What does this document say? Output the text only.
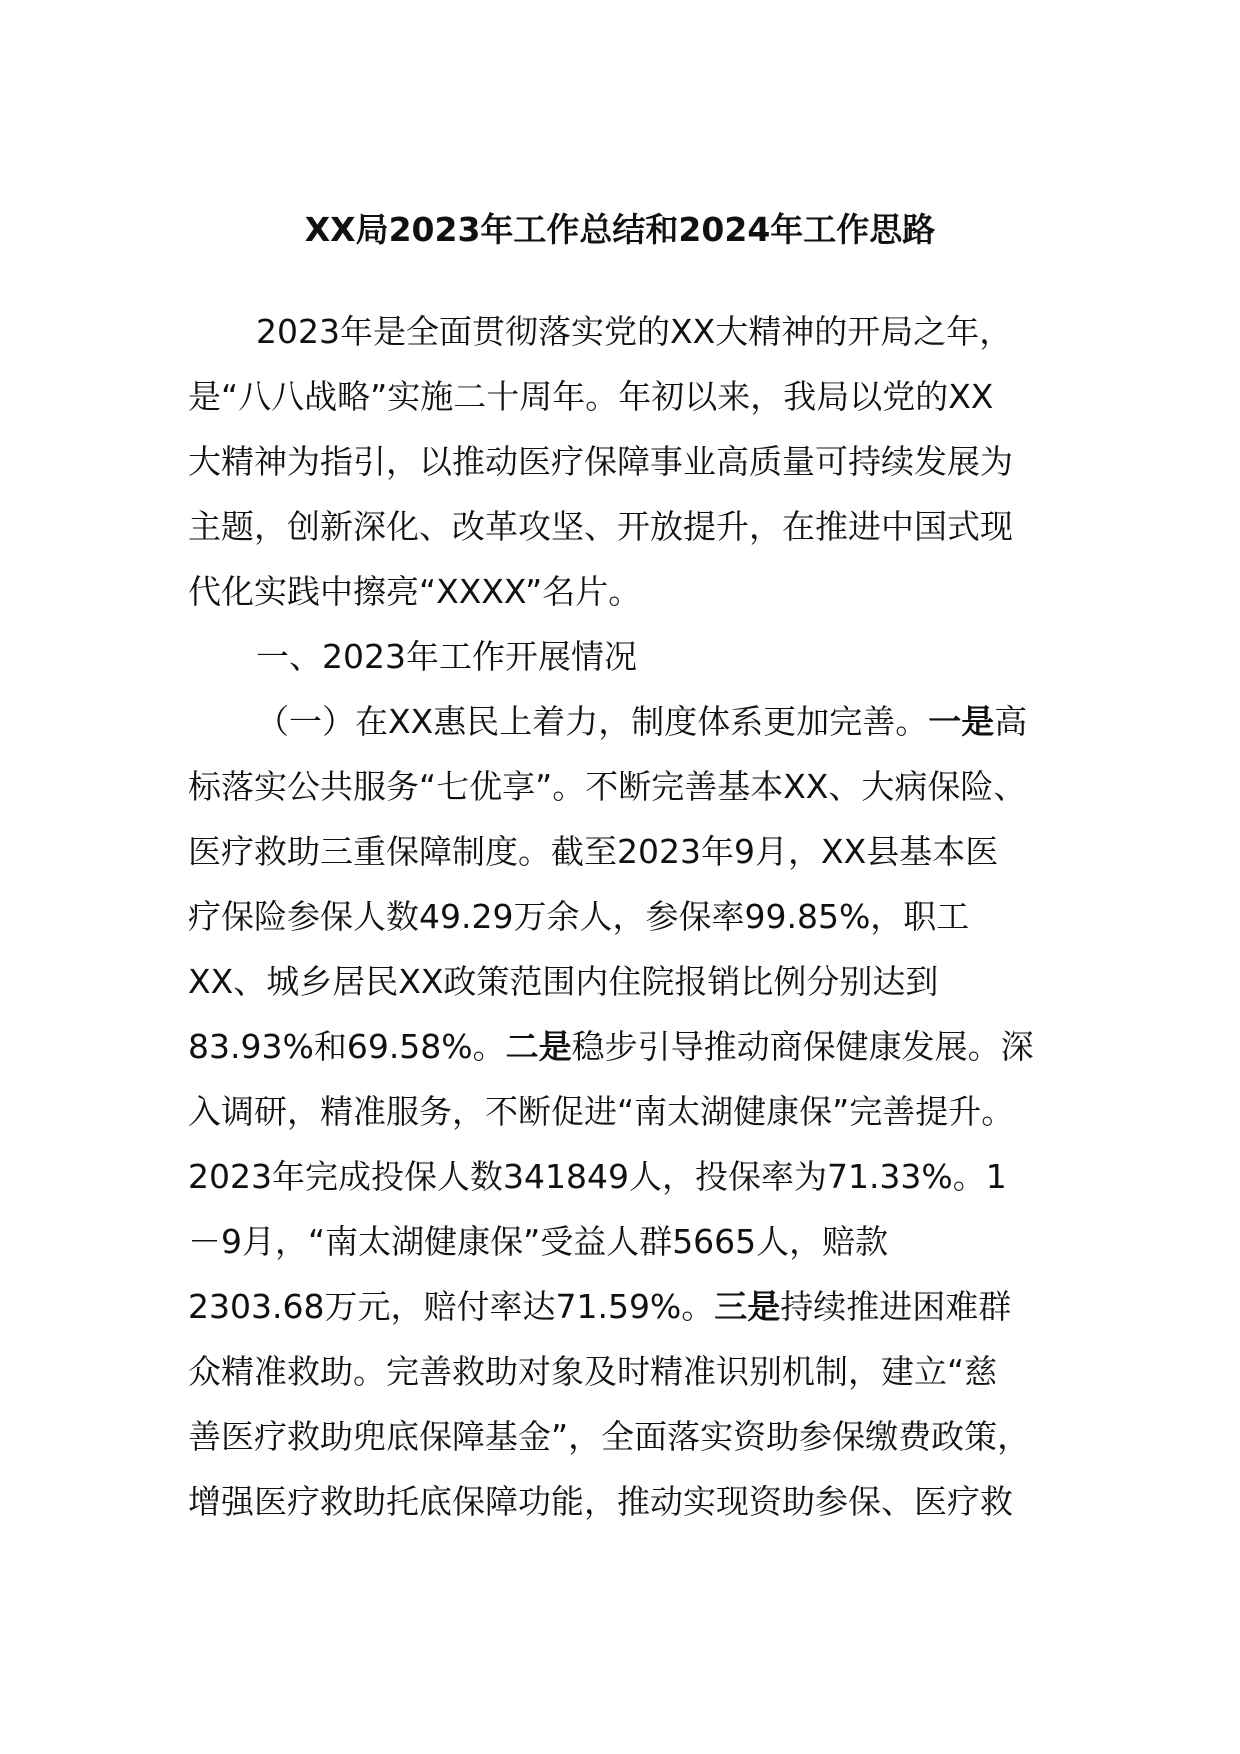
XX局2023年工作总结和2024年工作思路
2023年是全面贯彻落实党的XX大精神的开局之年，
是“八八战略”实施二十周年。年初以来，我局以党的XX
大精神为指引，以推动医疗保障事业高质量可持续发展为
主题，创新深化、改革攻坚、开放提升，在推进中国式现
代化实践中擦亮“XXXX”名片。
一、2023年工作开展情况
（一）在XX惠民上着力，制度体系更加完善。一是高
标落实公共服务“七优享”。不断完善基本XX、大病保险、
医疗救助三重保障制度。截至2023年9月，XX县基本医
疗保险参保人数49.29万余人，参保率99.85%，职工
XX、城乡居民XX政策范围内住院报销比例分别达到
83.93%和69.58%。二是稳步引导推动商保健康发展。深
入调研，精准服务，不断促进“南太湖健康保”完善提升。
2023年完成投保人数341849人，投保率为71.33%。1
－9月，“南太湖健康保”受益人群5665人，赔款
2303.68万元，赔付率达71.59%。三是持续推进困难群
众精准救助。完善救助对象及时精准识别机制，建立“慈
善医疗救助兜底保障基金”，全面落实资助参保缴费政策，
增强医疗救助托底保障功能，推动实现资助参保、医疗救
